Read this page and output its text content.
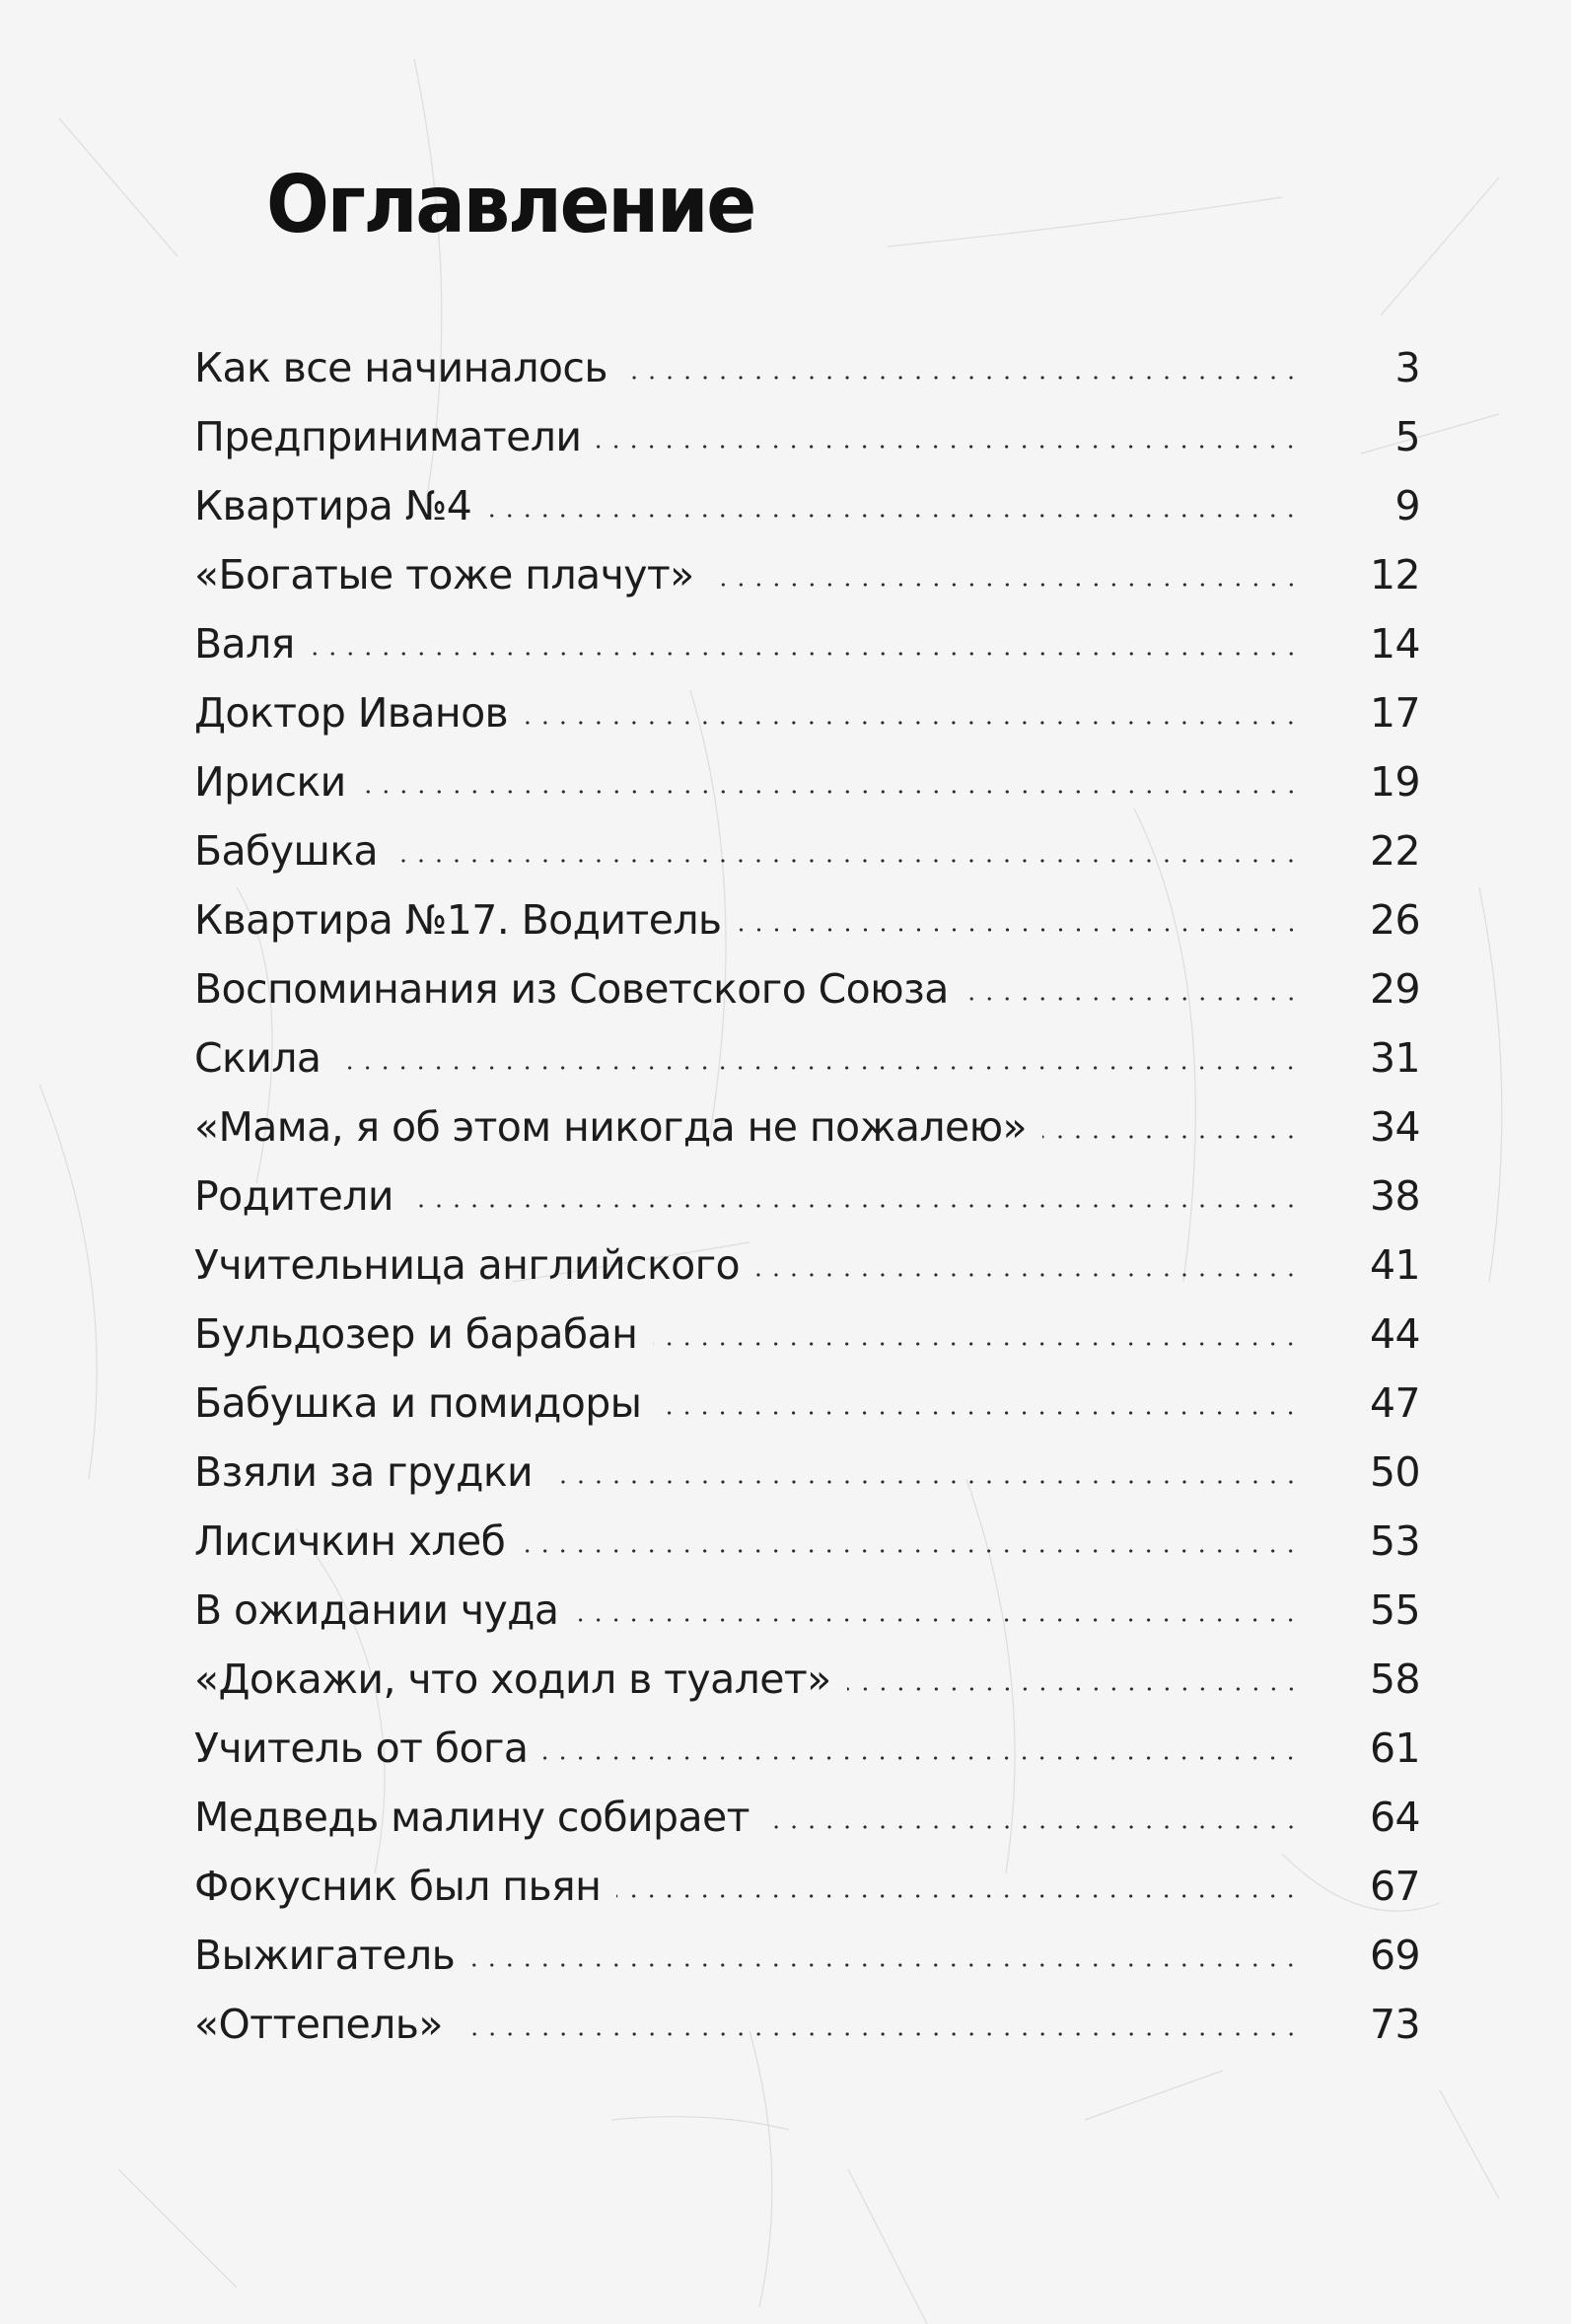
Оглавление
Как все начиналось	3
Предприниматели	5
Квартира №4	9
«Богатые тоже плачут»	12
Валя	14
Доктор Иванов	17
Ириски	19
Бабушка	22
Квартира №17. Водитель	26
Воспоминания из Советского Союза	29
Скила	31
«Мама, я об этом никогда не пожалею»	34
Родители	38
Учительница английского	41
Бульдозер и барабан	44
Бабушка и помидоры	47
Взяли за грудки	50
Лисичкин хлеб	53
В ожидании чуда	55
«Докажи, что ходил в туалет»	58
Учитель от бога	61
Медведь малину собирает	64
Фокусник был пьян	67
Выжигатель	69
«Оттепель»	73
